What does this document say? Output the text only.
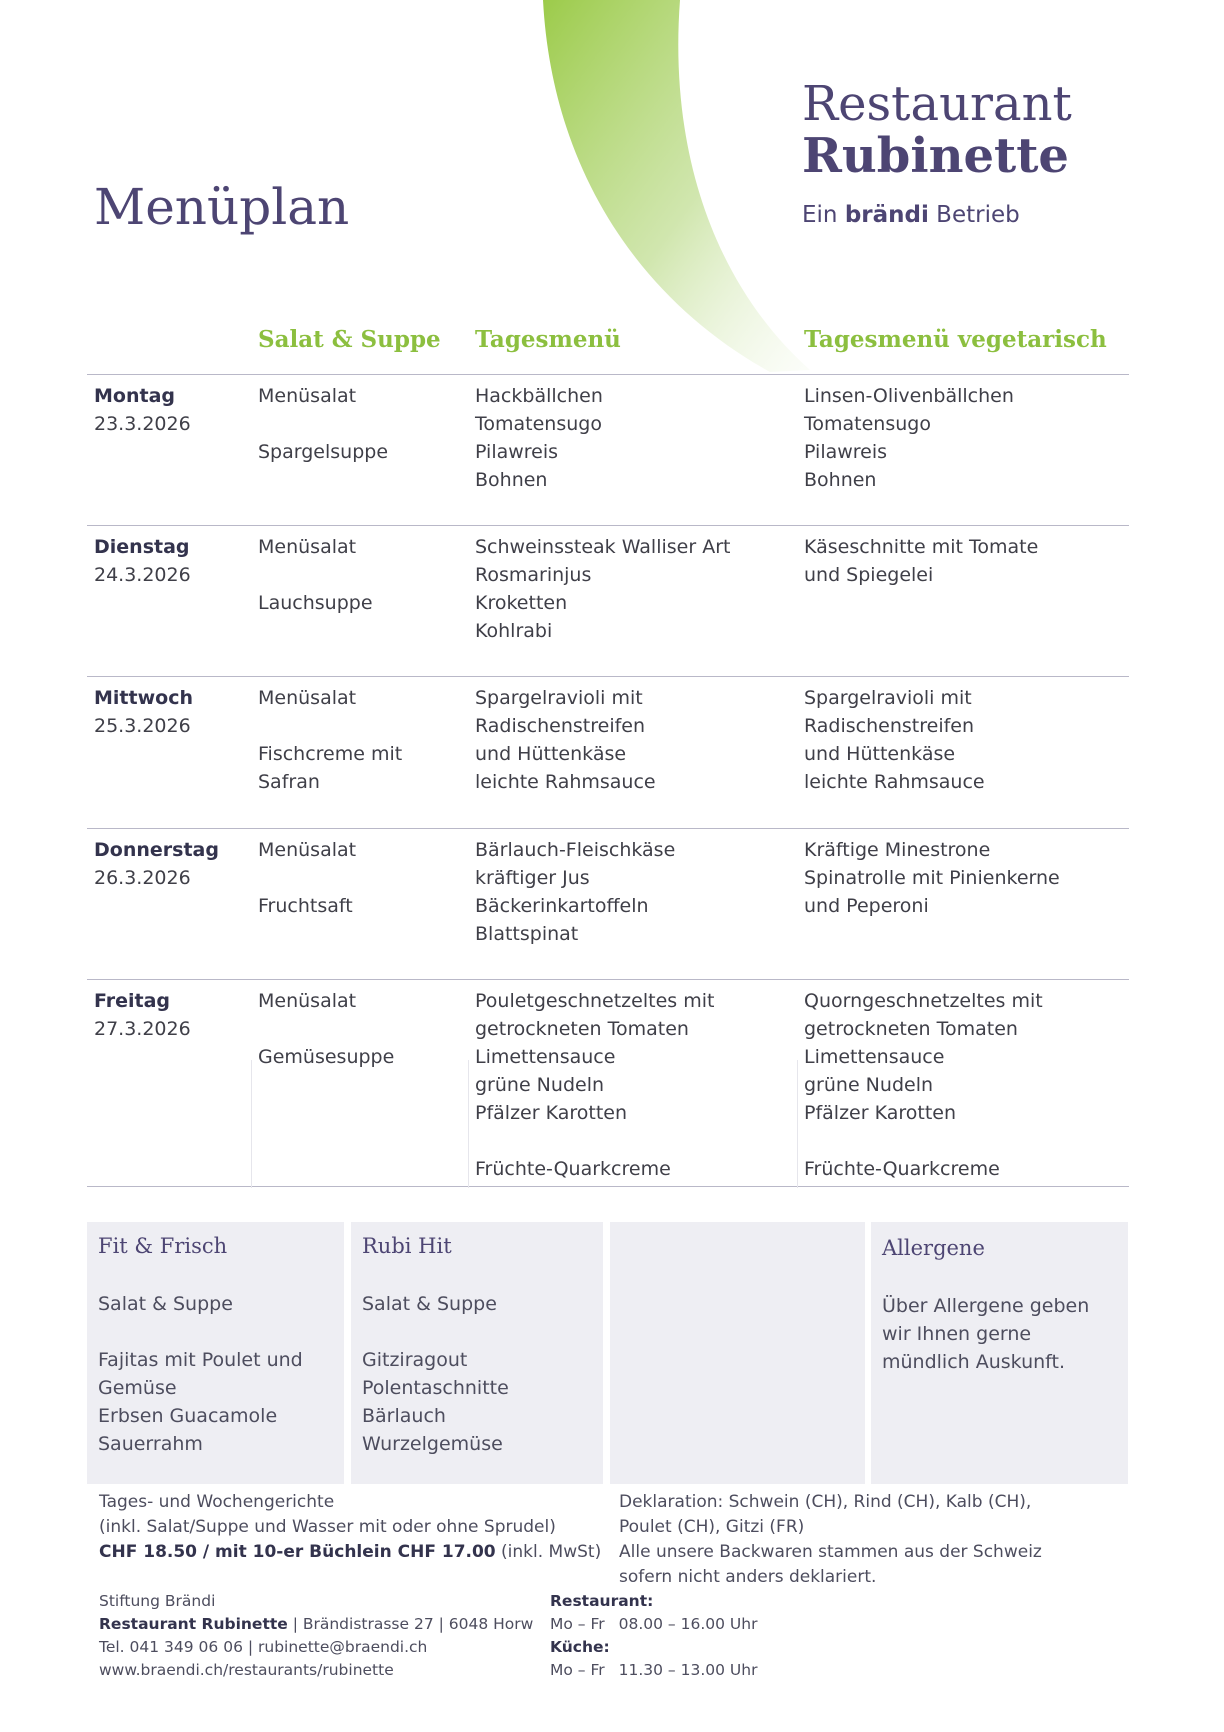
Menüplan
Restaurant
Rubinette
Ein brändi Betrieb
Salat & Suppe Tagesmenü	Tagesmenü vegetarisch
Montag
23.3.2026
Menüsalat
Spargelsuppe
Hackbällchen
Tomatensugo
Pilawreis
Bohnen
Linsen-Olivenbällchen
Tomatensugo
Pilawreis
Bohnen
Dienstag
24.3.2026
Menüsalat
Lauchsuppe
Schweinssteak Walliser Art
Rosmarinjus
Kroketten
Kohlrabi
Käseschnitte mit Tomate
und Spiegelei
Mittwoch
25.3.2026
Menüsalat
Fischcreme mit
Safran
Spargelravioli mit
Radischenstreifen
und Hüttenkäse
leichte Rahmsauce
Spargelravioli mit
Radischenstreifen
und Hüttenkäse
leichte Rahmsauce
Donnerstag
26.3.2026
Menüsalat
Fruchtsaft
Bärlauch-Fleischkäse
kräftiger Jus
Bäckerinkartoffeln
Blattspinat
Kräftige Minestrone
Spinatrolle mit Pinienkerne
und Peperoni
Freitag
27.3.2026
Menüsalat
Gemüsesuppe
Pouletgeschnetzeltes mit
getrockneten Tomaten
Limettensauce
grüne Nudeln
Pfälzer Karotten
Früchte-Quarkcreme
Quorngeschnetzeltes mit
getrockneten Tomaten
Limettensauce
grüne Nudeln
Pfälzer Karotten
Früchte-Quarkcreme
Fit & Frisch
Salat & Suppe
Fajitas mit Poulet und
Gemüse
Erbsen Guacamole
Sauerrahm
Rubi Hit
Salat & Suppe
Gitziragout
Polentaschnitte
Bärlauch
Wurzelgemüse
Allergene
Über Allergene geben
wir Ihnen gerne
mündlich Auskunft.
Tages- und Wochengerichte
(inkl. Salat/Suppe und Wasser mit oder ohne Sprudel)
CHF 18.50 / mit 10-er Büchlein CHF 17.00 (inkl. MwSt)
Deklaration: Schwein (CH), Rind (CH), Kalb (CH),
Poulet (CH), Gitzi (FR)
Alle unsere Backwaren stammen aus der Schweiz
sofern nicht anders deklariert.
Stiftung Brändi
Restaurant Rubinette | Brändistrasse 27 | 6048 Horw
Tel. 041 349 06 06 | rubinette@braendi.ch
www.braendi.ch/restaurants/rubinette
Restaurant:
Mo – Fr 08.00 – 16.00 Uhr
Küche:
Mo – Fr 11.30 – 13.00 Uhr
